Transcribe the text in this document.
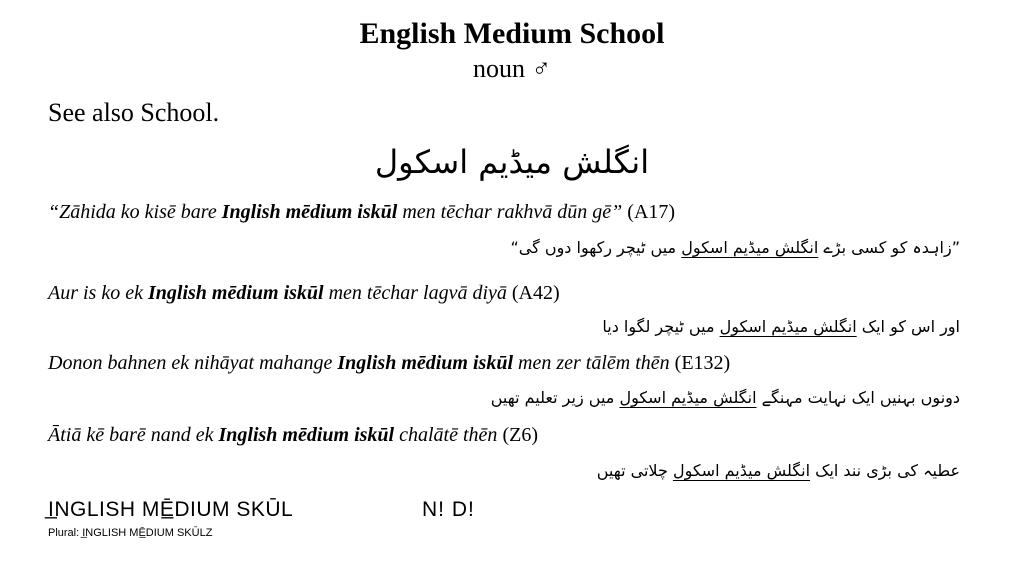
English Medium School
noun ♂
See also School.
انگلش میڈیم اسکول
“Zāhida ko kisē bare Inglish mēdium iskūl men tēchar rakhvā dūn gē” (A17)
”زاہدہ کو کسی بڑے انگلش میڈیم اسکول میں ٹیچر رکھوا دوں گی“
Aur is ko ek Inglish mēdium iskūl men tēchar lagvā diyā (A42)
اور اس کو ایک انگلش میڈیم اسکول میں ٹیچر لگوا دیا
Donon bahnen ek nihāyat mahange Inglish mēdium iskūl men zer tālēm thēn (E132)
دونوں بہنیں ایک نہایت مہنگے انگلش میڈیم اسکول میں زیر تعلیم تھیں
Ātiā kē barē nand ek Inglish mēdium iskūl chalātē thēn (Z6)
عطیہ کی بڑی نند ایک انگلش میڈیم اسکول چلاتی تھیں
I̲NGLISH MĒ̲DIUM SKŪL	N! D!
Plural: I̲NGLISH MĒ̲DIUM SKŪLZ
